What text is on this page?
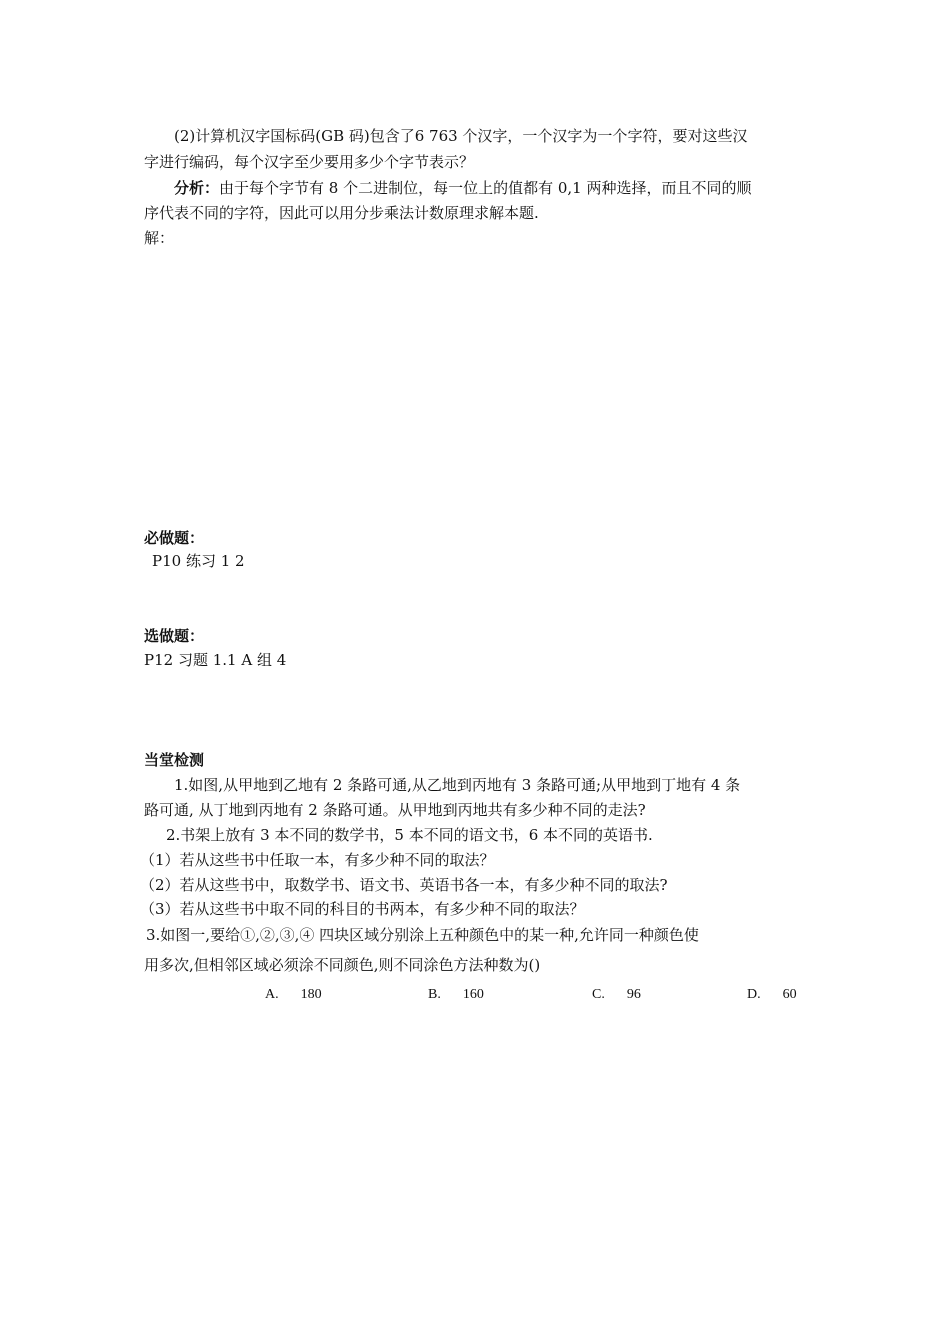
(2)计算机汉字国标码(GB 码)包含了6 763 个汉字，一个汉字为一个字符，要对这些汉
字进行编码，每个汉字至少要用多少个字节表示？
分析：由于每个字节有 8 个二进制位，每一位上的值都有 0,1 两种选择，而且不同的顺
序代表不同的字符，因此可以用分步乘法计数原理求解本题.
解：
必做题：
P10 练习 1 2
选做题：
P12 习题 1.1 A 组 4
当堂检测
1.如图,从甲地到乙地有 2 条路可通,从乙地到丙地有 3 条路可通;从甲地到丁地有 4 条
路可通, 从丁地到丙地有 2 条路可通。从甲地到丙地共有多少种不同的走法?
2.书架上放有 3 本不同的数学书，5 本不同的语文书，6 本不同的英语书.
（1）若从这些书中任取一本，有多少种不同的取法？
（2）若从这些书中，取数学书、语文书、英语书各一本，有多少种不同的取法?
（3）若从这些书中取不同的科目的书两本，有多少种不同的取法？
3.如图一,要给①,②,③,④ 四块区域分别涂上五种颜色中的某一种,允许同一种颜色使
用多次,但相邻区域必须涂不同颜色,则不同涂色方法种数为()
A. 180	B. 160	C. 96	D. 60
